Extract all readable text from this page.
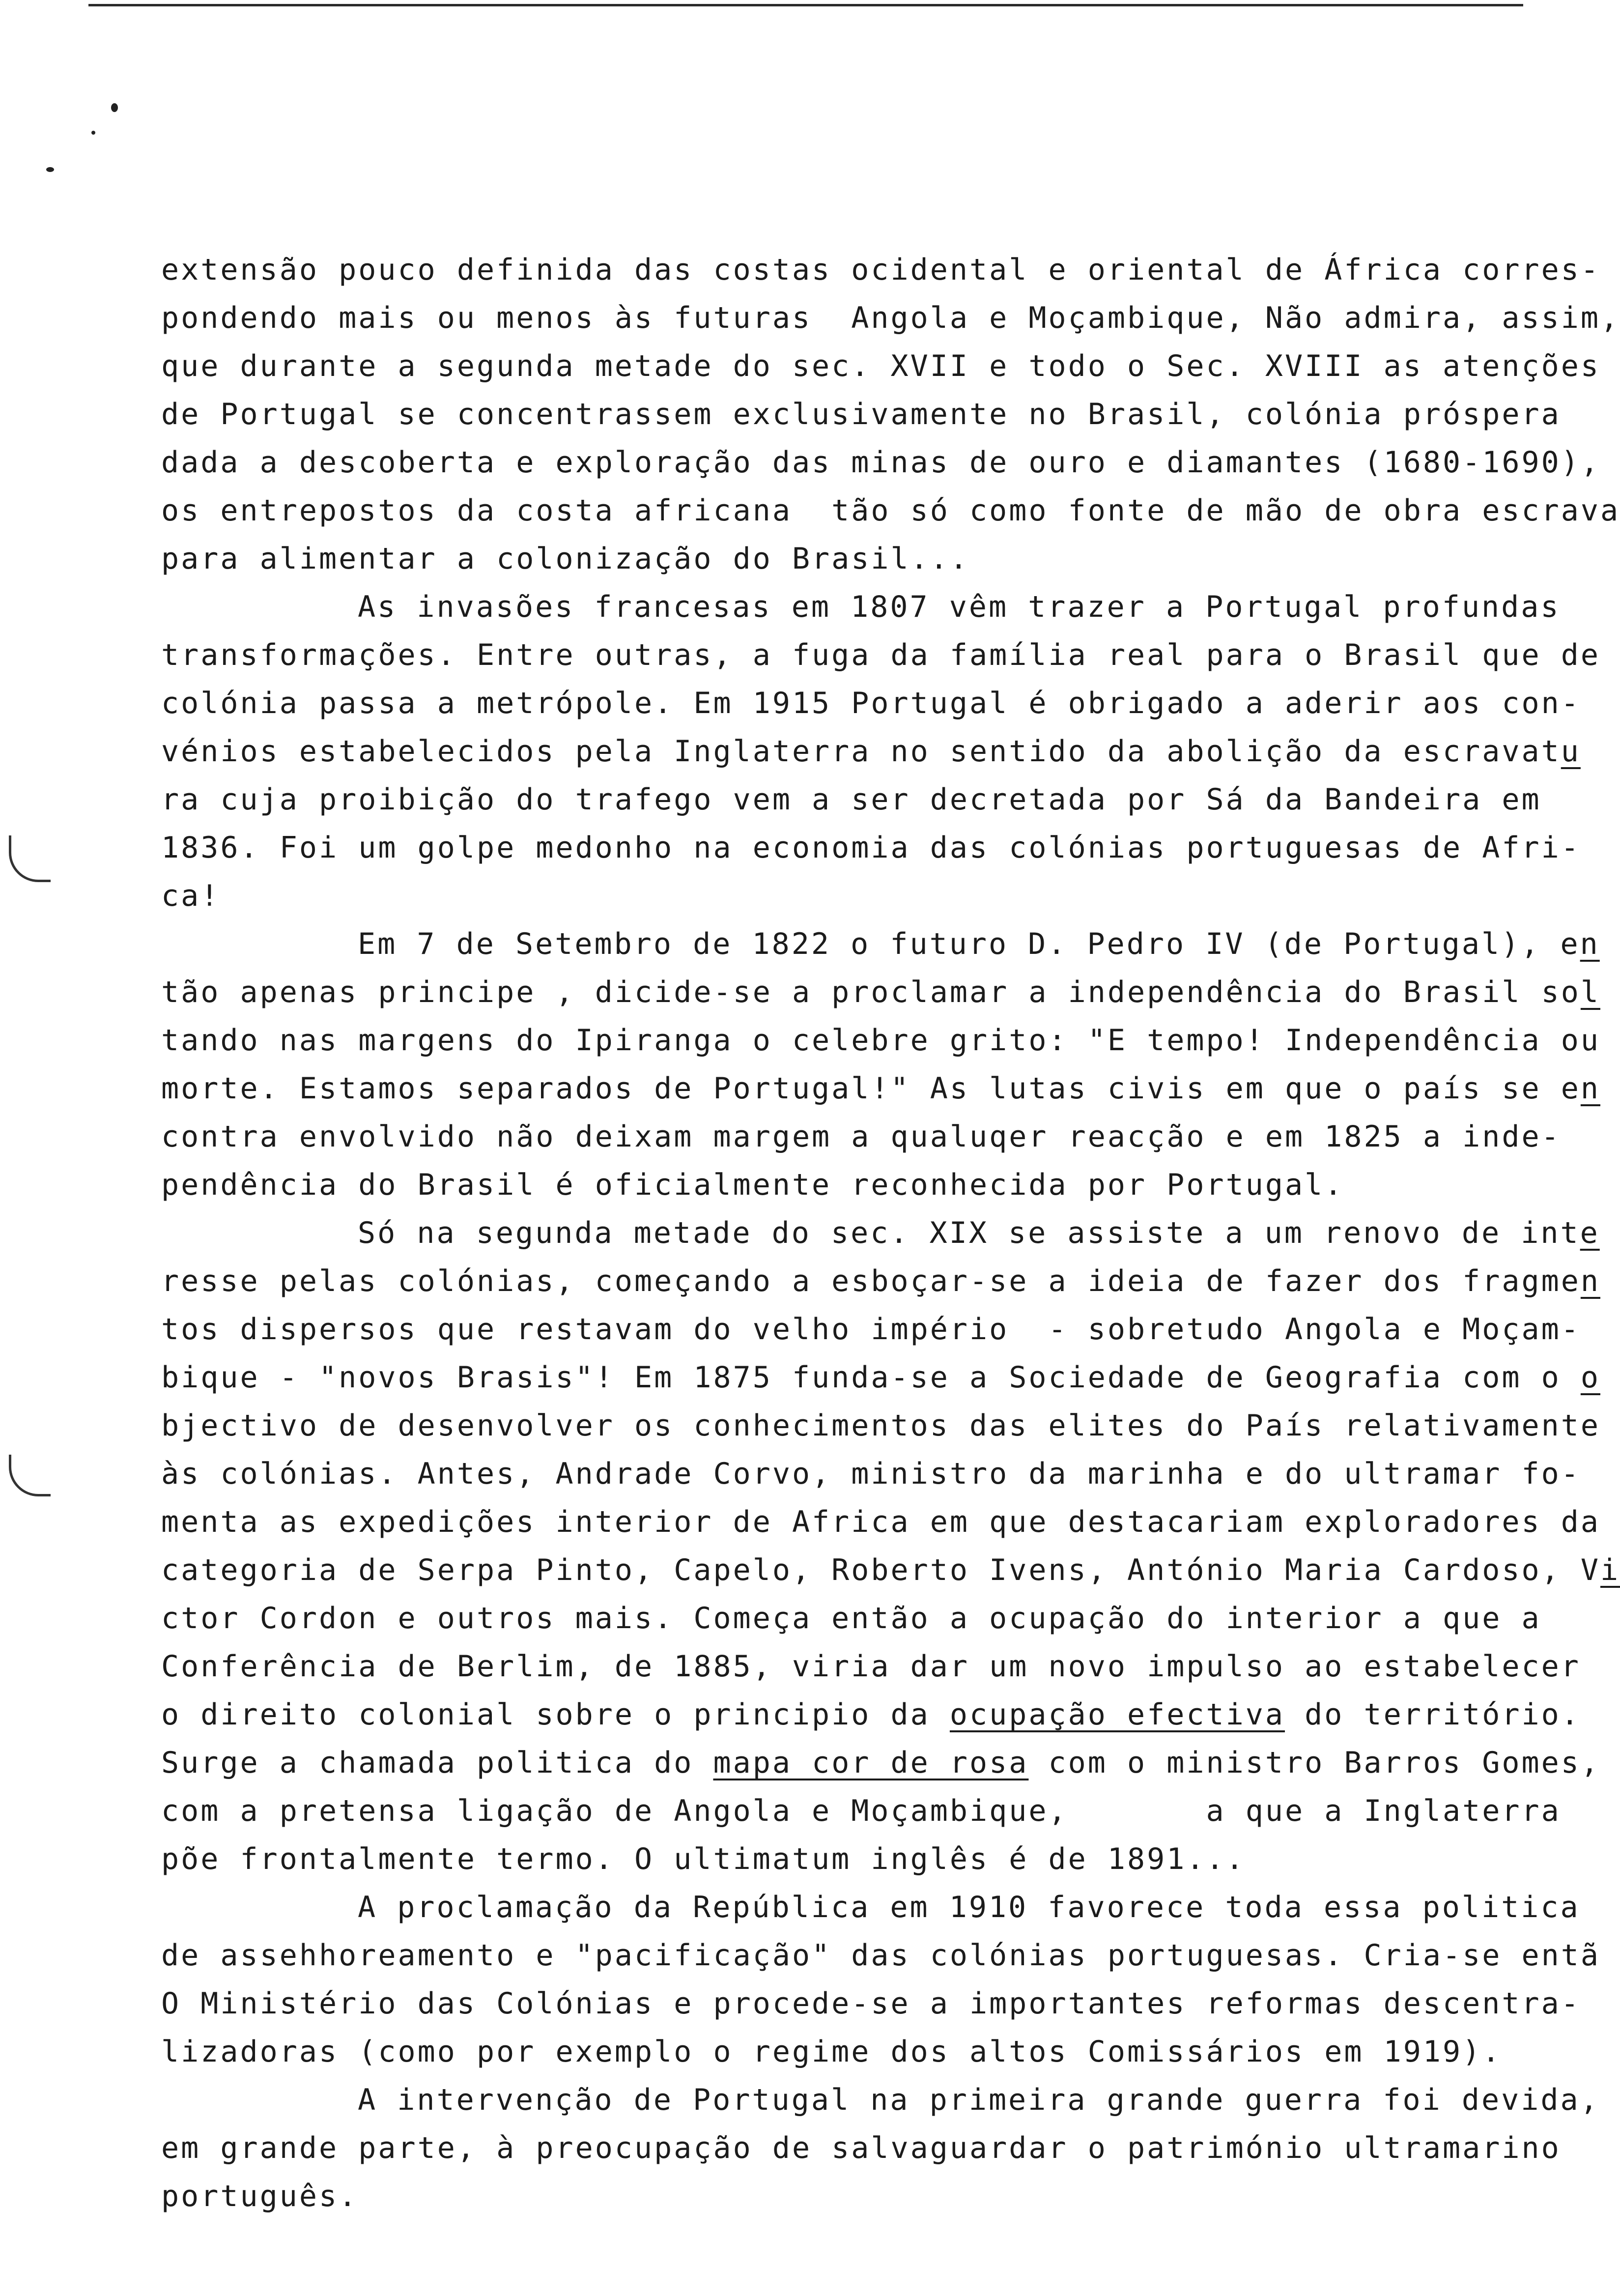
extensão pouco definida das costas ocidental e oriental de África corres-
pondendo mais ou menos às futuras  Angola e Moçambique, Não admira, assim,
que durante a segunda metade do sec. XVII e todo o Sec. XVIII as atenções
de Portugal se concentrassem exclusivamente no Brasil, colónia próspera
dada a descoberta e exploração das minas de ouro e diamantes (1680-1690),
os entrepostos da costa africana  tão só como fonte de mão de obra escrava
para alimentar a colonização do Brasil...
As invasões francesas em 1807 vêm trazer a Portugal profundas
transformações. Entre outras, a fuga da família real para o Brasil que de
colónia passa a metrópole. Em 1915 Portugal é obrigado a aderir aos con-
vénios estabelecidos pela Inglaterra no sentido da abolição da escravatu
ra cuja proibição do trafego vem a ser decretada por Sá da Bandeira em
1836. Foi um golpe medonho na economia das colónias portuguesas de Afri-
ca!
Em 7 de Setembro de 1822 o futuro D. Pedro IV (de Portugal), en
tão apenas principe , dicide-se a proclamar a independência do Brasil sol
tando nas margens do Ipiranga o celebre grito: "E tempo! Independência ou
morte. Estamos separados de Portugal!" As lutas civis em que o país se en
contra envolvido não deixam margem a qualuqer reacção e em 1825 a inde-
pendência do Brasil é oficialmente reconhecida por Portugal.
Só na segunda metade do sec. XIX se assiste a um renovo de inte
resse pelas colónias, começando a esboçar-se a ideia de fazer dos fragmen
tos dispersos que restavam do velho império  - sobretudo Angola e Moçam-
bique - "novos Brasis"! Em 1875 funda-se a Sociedade de Geografia com o o
bjectivo de desenvolver os conhecimentos das elites do País relativamente
às colónias. Antes, Andrade Corvo, ministro da marinha e do ultramar fo-
menta as expedições interior de Africa em que destacariam exploradores da
categoria de Serpa Pinto, Capelo, Roberto Ivens, António Maria Cardoso, Vi
ctor Cordon e outros mais. Começa então a ocupação do interior a que a
Conferência de Berlim, de 1885, viria dar um novo impulso ao estabelecer
o direito colonial sobre o principio da ocupação efectiva do território.
Surge a chamada politica do mapa cor de rosa com o ministro Barros Gomes,
com a pretensa ligação de Angola e Moçambique,       a que a Inglaterra
põe frontalmente termo. O ultimatum inglês é de 1891...
A proclamação da República em 1910 favorece toda essa politica
de assehhoreamento e "pacificação" das colónias portuguesas. Cria-se entã
O Ministério das Colónias e procede-se a importantes reformas descentra-
lizadoras (como por exemplo o regime dos altos Comissários em 1919).
A intervenção de Portugal na primeira grande guerra foi devida,
em grande parte, à preocupação de salvaguardar o património ultramarino
português.
